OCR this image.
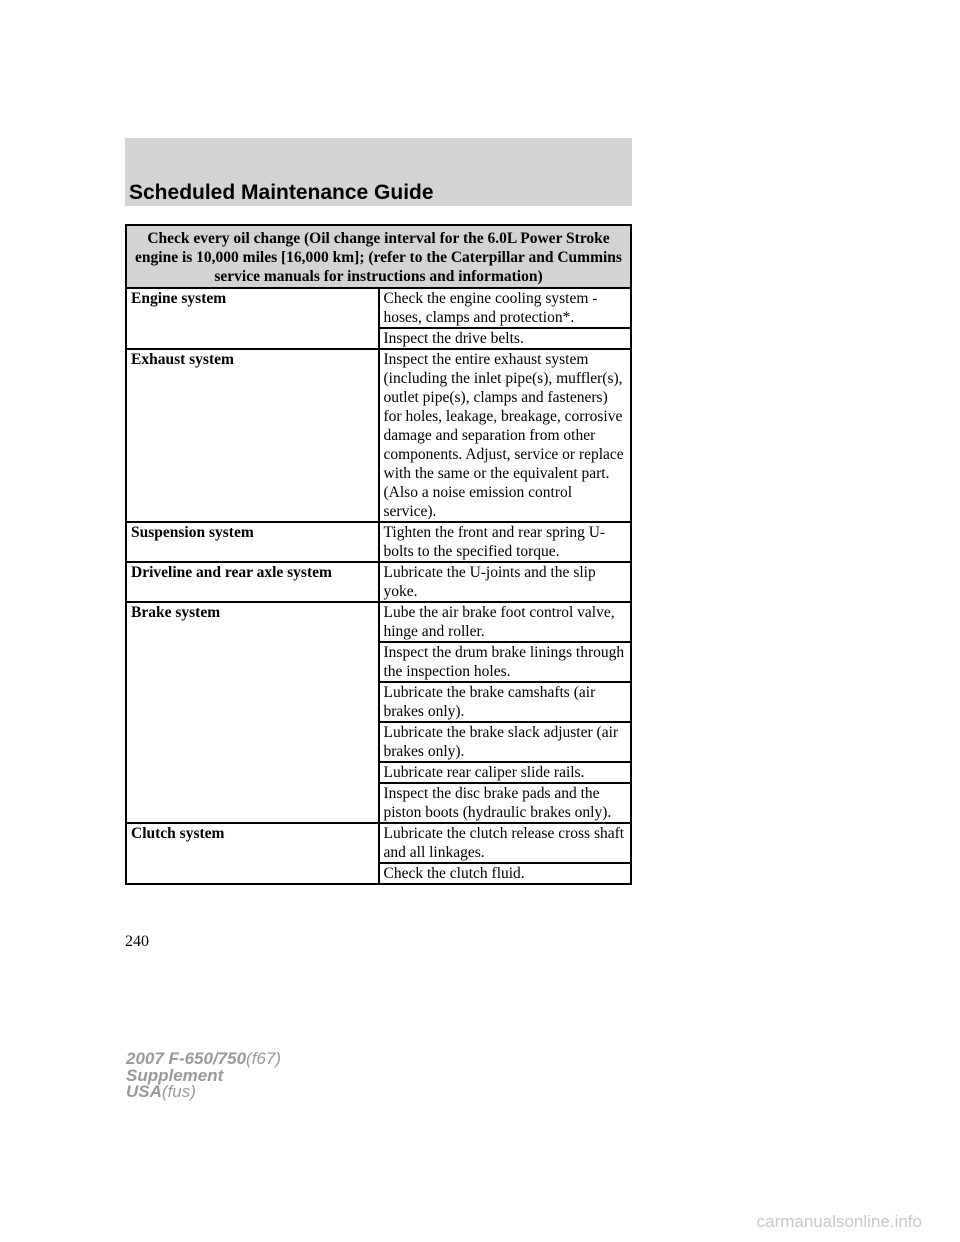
Scheduled Maintenance Guide
Check every oil change (Oil change interval for the 6.0L Power Stroke engine is 10,000 miles [16,000 km]; (refer to the Caterpillar and Cummins service manuals for instructions and information)	
Engine system	Check the engine cooling system - hoses, clamps and protection*.
	Inspect the drive belts.
Exhaust system	Inspect the entire exhaust system (including the inlet pipe(s), muffler(s), outlet pipe(s), clamps and fasteners) for holes, leakage, breakage, corrosive damage and separation from other components. Adjust, service or replace with the same or the equivalent part. (Also a noise emission control service).
Suspension system	Tighten the front and rear spring U-bolts to the specified torque.
Driveline and rear axle system	Lubricate the U-joints and the slip yoke.
Brake system	Lube the air brake foot control valve, hinge and roller.
	Inspect the drum brake linings through the inspection holes.
	Lubricate the brake camshafts (air brakes only).
	Lubricate the brake slack adjuster (air brakes only).
	Lubricate rear caliper slide rails.
	Inspect the disc brake pads and the piston boots (hydraulic brakes only).
Clutch system	Lubricate the clutch release cross shaft and all linkages.
	Check the clutch fluid.
240
2007 F-650/750(f67)
Supplement
USA(fus)
carmanualsonline.info
